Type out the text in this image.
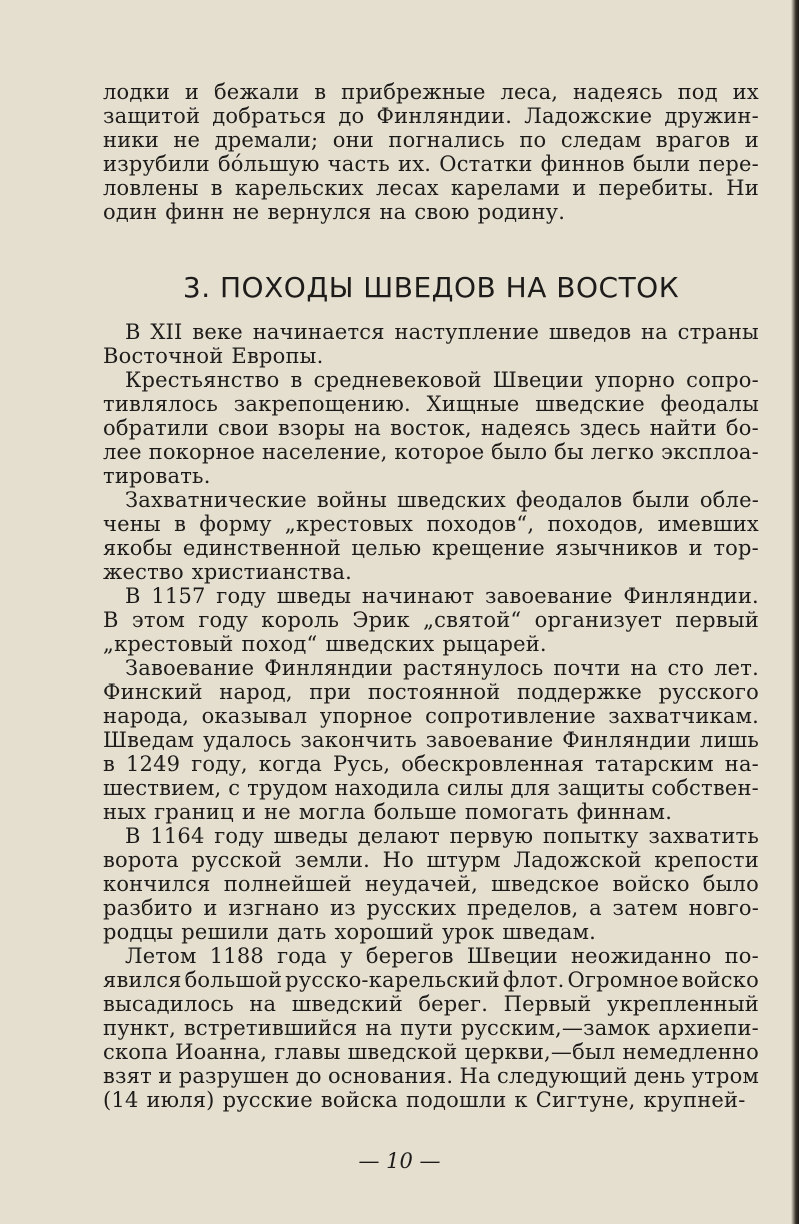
лодки и бежали в прибрежные леса, надеясь под их
защитой добраться до Финляндии. Ладожские дружин-
ники не дремали; они погнались по следам врагов и
изрубили бо́льшую часть их. Остатки финнов были пере-
ловлены в карельских лесах карелами и перебиты. Ни
один финн не вернулся на свою родину.
3. ПОХОДЫ ШВЕДОВ НА ВОСТОК
В XII веке начинается наступление шведов на страны
Восточной Европы.
Крестьянство в средневековой Швеции упорно сопро-
тивлялось закрепощению. Хищные шведские феодалы
обратили свои взоры на восток, надеясь здесь найти бо-
лее покорное население, которое было бы легко эксплоа-
тировать.
Захватнические войны шведских феодалов были обле-
чены в форму „крестовых походов“, походов, имевших
якобы единственной целью крещение язычников и тор-
жество христианства.
В 1157 году шведы начинают завоевание Финляндии.
В этом году король Эрик „святой“ организует первый
„крестовый поход“ шведских рыцарей.
Завоевание Финляндии растянулось почти на сто лет.
Финский народ, при постоянной поддержке русского
народа, оказывал упорное сопротивление захватчикам.
Шведам удалось закончить завоевание Финляндии лишь
в 1249 году, когда Русь, обескровленная татарским на-
шествием, с трудом находила силы для защиты собствен-
ных границ и не могла больше помогать финнам.
В 1164 году шведы делают первую попытку захватить
ворота русской земли. Но штурм Ладожской крепости
кончился полнейшей неудачей, шведское войско было
разбито и изгнано из русских пределов, а затем новго-
родцы решили дать хороший урок шведам.
Летом 1188 года у берегов Швеции неожиданно по-
явился большой русско-карельский флот. Огромное войско
высадилось на шведский берег. Первый укрепленный
пункт, встретившийся на пути русским,—замок архиепи-
скопа Иоанна, главы шведской церкви,—был немедленно
взят и разрушен до основания. На следующий день утром
(14 июля) русские войска подошли к Сигтуне, крупней-
— 10 —
